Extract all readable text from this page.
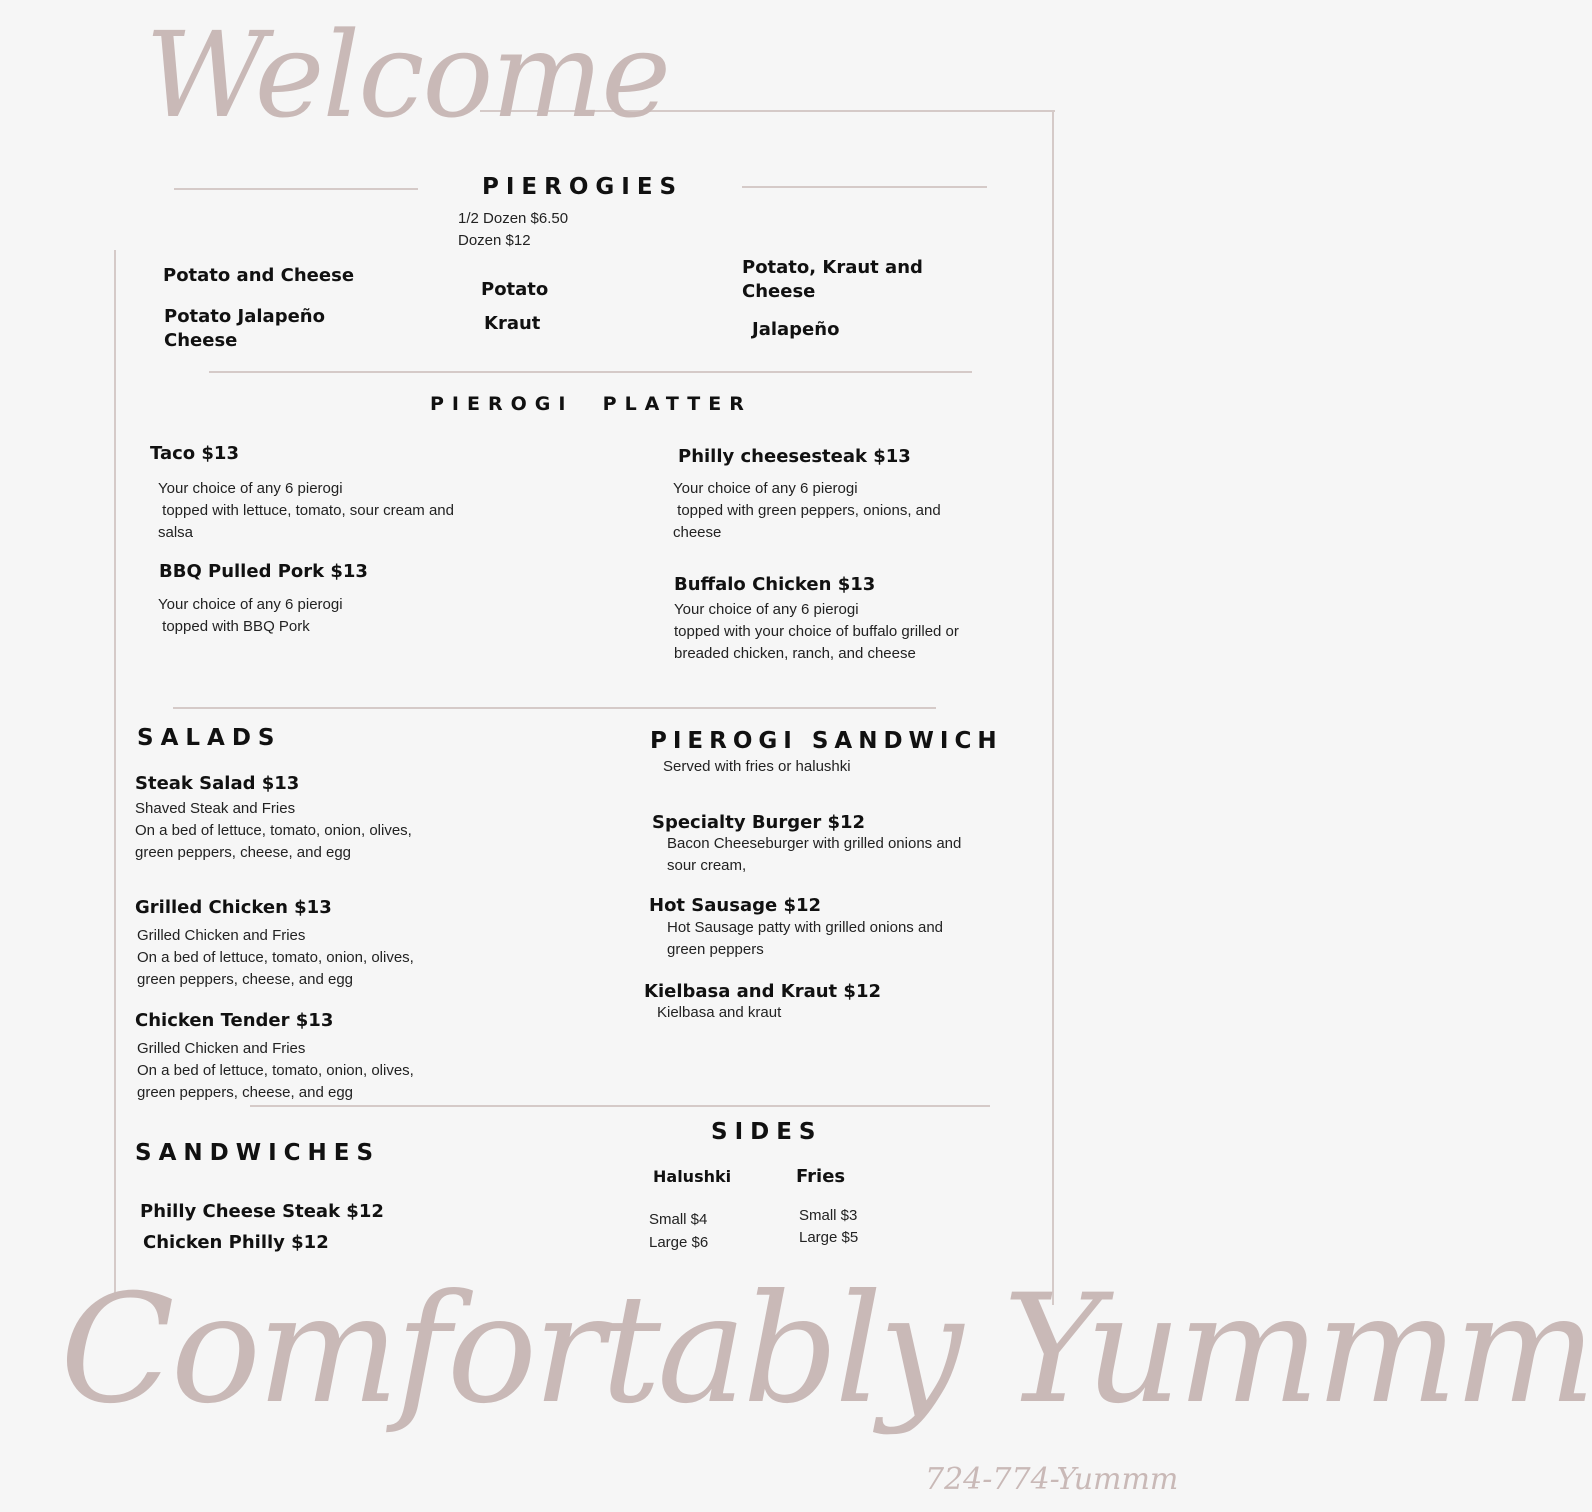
Welcome
PIEROGIES
1/2 Dozen $6.50
Dozen $12
Potato and Cheese
Potato Jalapeño
Cheese
Potato
Kraut
Potato, Kraut and
Cheese
Jalapeño
PIEROGI  PLATTER
Taco $13
Your choice of any 6 pierogi
topped with lettuce, tomato, sour cream and
salsa
BBQ Pulled Pork $13
Your choice of any 6 pierogi
topped with BBQ Pork
Philly cheesesteak $13
Your choice of any 6 pierogi
topped with green peppers, onions, and
cheese
Buffalo Chicken $13
Your choice of any 6 pierogi
topped with your choice of buffalo grilled or
breaded chicken, ranch, and cheese
SALADS
Steak Salad $13
Shaved Steak and Fries
On a bed of lettuce, tomato, onion, olives,
green peppers, cheese, and egg
Grilled Chicken $13
Grilled Chicken and Fries
On a bed of lettuce, tomato, onion, olives,
green peppers, cheese, and egg
Chicken Tender $13
Grilled Chicken and Fries
On a bed of lettuce, tomato, onion, olives,
green peppers, cheese, and egg
PIEROGI SANDWICH
Served with fries or halushki
Specialty Burger $12
Bacon Cheeseburger with grilled onions and
sour cream,
Hot Sausage $12
Hot Sausage patty with grilled onions and
green peppers
Kielbasa and Kraut $12
Kielbasa and kraut
SANDWICHES
Philly Cheese Steak $12
Chicken Philly $12
SIDES
Halushki
Small $4
Large $6
Fries
Small $3
Large $5
Comfortably Yummm
724-774-Yummm
